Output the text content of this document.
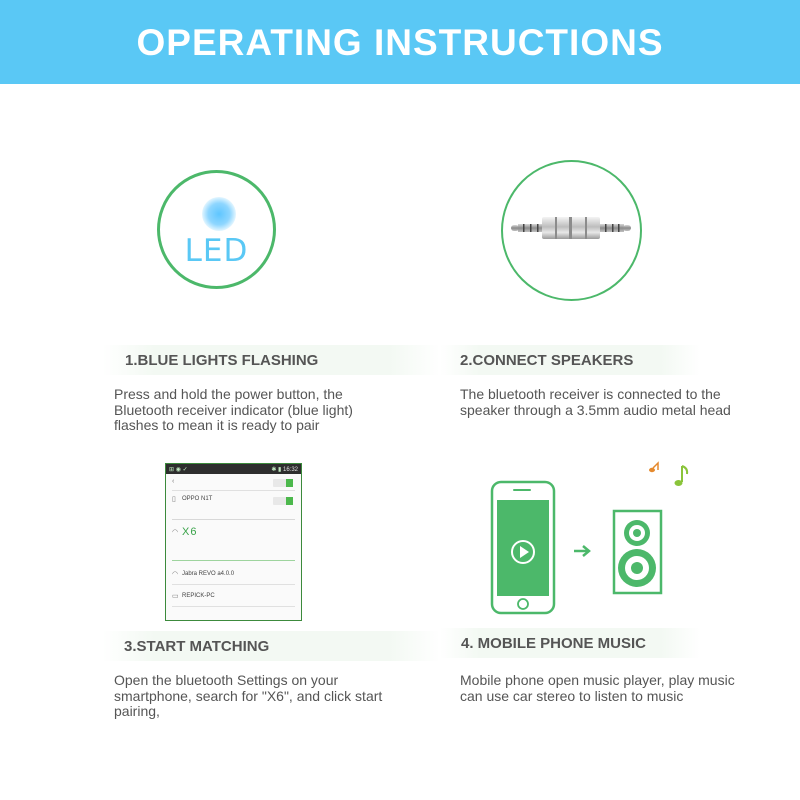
OPERATING INSTRUCTIONS
LED
1.BLUE LIGHTS FLASHING	2.CONNECT SPEAKERS
3.START MATCHING	4. MOBILE PHONE MUSIC
Press and hold the power button, the
Bluetooth receiver indicator (blue light)
flashes to mean it is ready to pair
The bluetooth receiver is connected to the
speaker through a 3.5mm audio metal head
Open the bluetooth Settings on your
smartphone, search for "X6", and click start
pairing,
Mobile phone open music player, play music
can use car stereo to listen to music
⊞ ◉ ✓	✱ ▮ 16:32
‹
▯	OPPO N1T
◠ X6
◠ Jabra REVO a4.0.0
▭ REPICK-PC
